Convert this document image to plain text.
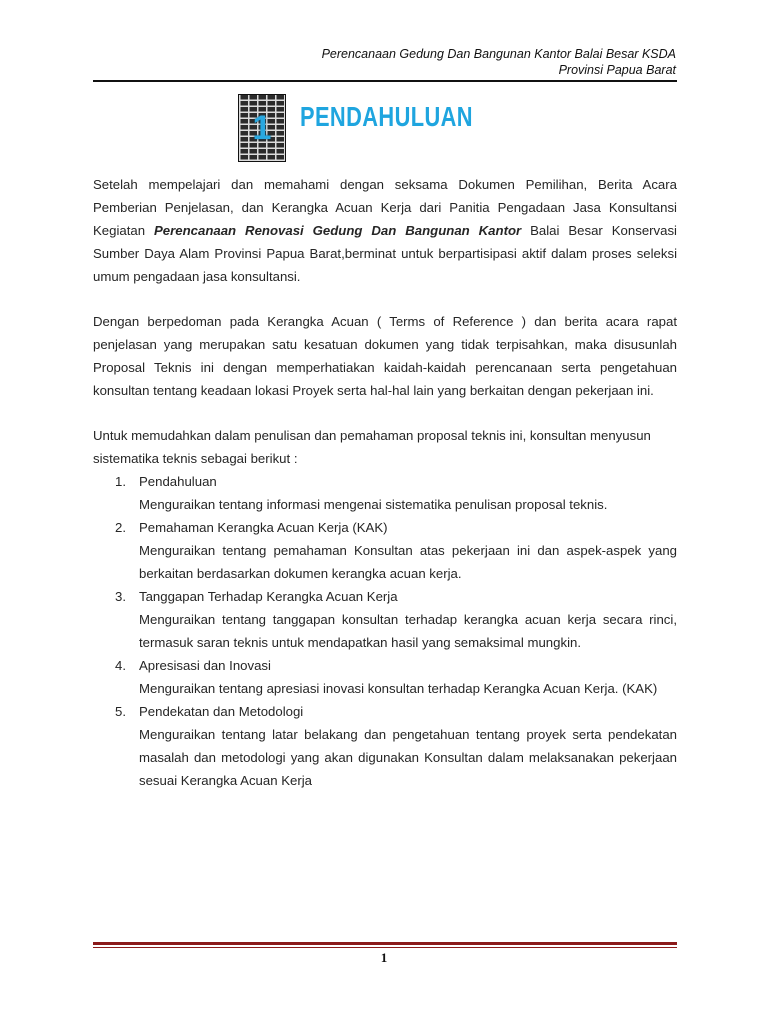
Perencanaan Gedung Dan Bangunan Kantor Balai Besar KSDA
Provinsi Papua Barat
1	PENDAHULUAN

Setelah mempelajari dan memahami dengan seksama Dokumen Pemilihan, Berita Acara Pemberian Penjelasan, dan Kerangka Acuan Kerja dari Panitia Pengadaan Jasa Konsultansi Kegiatan Perencanaan Renovasi Gedung Dan Bangunan Kantor Balai Besar Konservasi Sumber Daya Alam Provinsi Papua Barat,berminat untuk berpartisipasi aktif dalam proses seleksi umum pengadaan jasa konsultansi.

Dengan berpedoman pada Kerangka Acuan ( Terms of Reference ) dan berita acara rapat penjelasan yang merupakan satu kesatuan dokumen yang tidak terpisahkan, maka disusunlah Proposal Teknis ini dengan memperhatiakan kaidah-kaidah perencanaan serta pengetahuan konsultan tentang keadaan lokasi Proyek serta hal-hal lain yang berkaitan dengan pekerjaan ini.

Untuk memudahkan dalam penulisan dan pemahaman proposal teknis ini, konsultan menyusun sistematika teknis sebagai berikut :

1. Pendahuluan
Menguraikan tentang informasi mengenai sistematika penulisan proposal teknis.
2. Pemahaman Kerangka Acuan Kerja (KAK)
Menguraikan tentang pemahaman Konsultan atas pekerjaan ini dan aspek-aspek yang berkaitan berdasarkan dokumen kerangka acuan kerja.
3. Tanggapan Terhadap Kerangka Acuan Kerja
Menguraikan tentang tanggapan konsultan terhadap kerangka acuan kerja secara rinci, termasuk saran teknis untuk mendapatkan hasil yang semaksimal mungkin.
4. Apresisasi dan Inovasi
Menguraikan tentang apresiasi inovasi konsultan terhadap Kerangka Acuan Kerja. (KAK)
5. Pendekatan dan Metodologi
Menguraikan tentang latar belakang dan pengetahuan tentang proyek serta pendekatan masalah dan metodologi yang akan digunakan Konsultan dalam melaksanakan pekerjaan sesuai Kerangka Acuan Kerja
1
